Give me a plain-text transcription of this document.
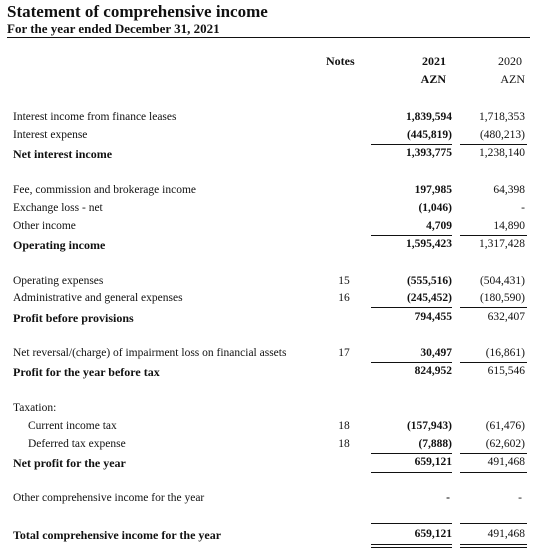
Statement of comprehensive income
For the year ended December 31, 2021
Notes	2021	2020
AZN	AZN
Interest income from finance leases	1,839,594 1,718,353
Interest expense	(445,819) (480,213)
Net interest income	1,393,775 1,238,140
Fee, commission and brokerage income	197,985	64,398
Exchange loss - net	(1,046)	-
Other income	4,709	14,890
Operating income	1,595,423 1,317,428
Operating expenses	15	(555,516) (504,431)
Administrative and general expenses	16	(245,452) (180,590)
Profit before provisions	794,455	632,407
Net reversal/(charge) of impairment loss on financial assets	17	30,497	(16,861)
Profit for the year before tax	824,952	615,546
Taxation:
Current income tax	18	(157,943)	(61,476)
Deferred tax expense	18	(7,888)	(62,602)
Net profit for the year	659,121	491,468
Other comprehensive income for the year	-	-
Total comprehensive income for the year	659,121	491,468
